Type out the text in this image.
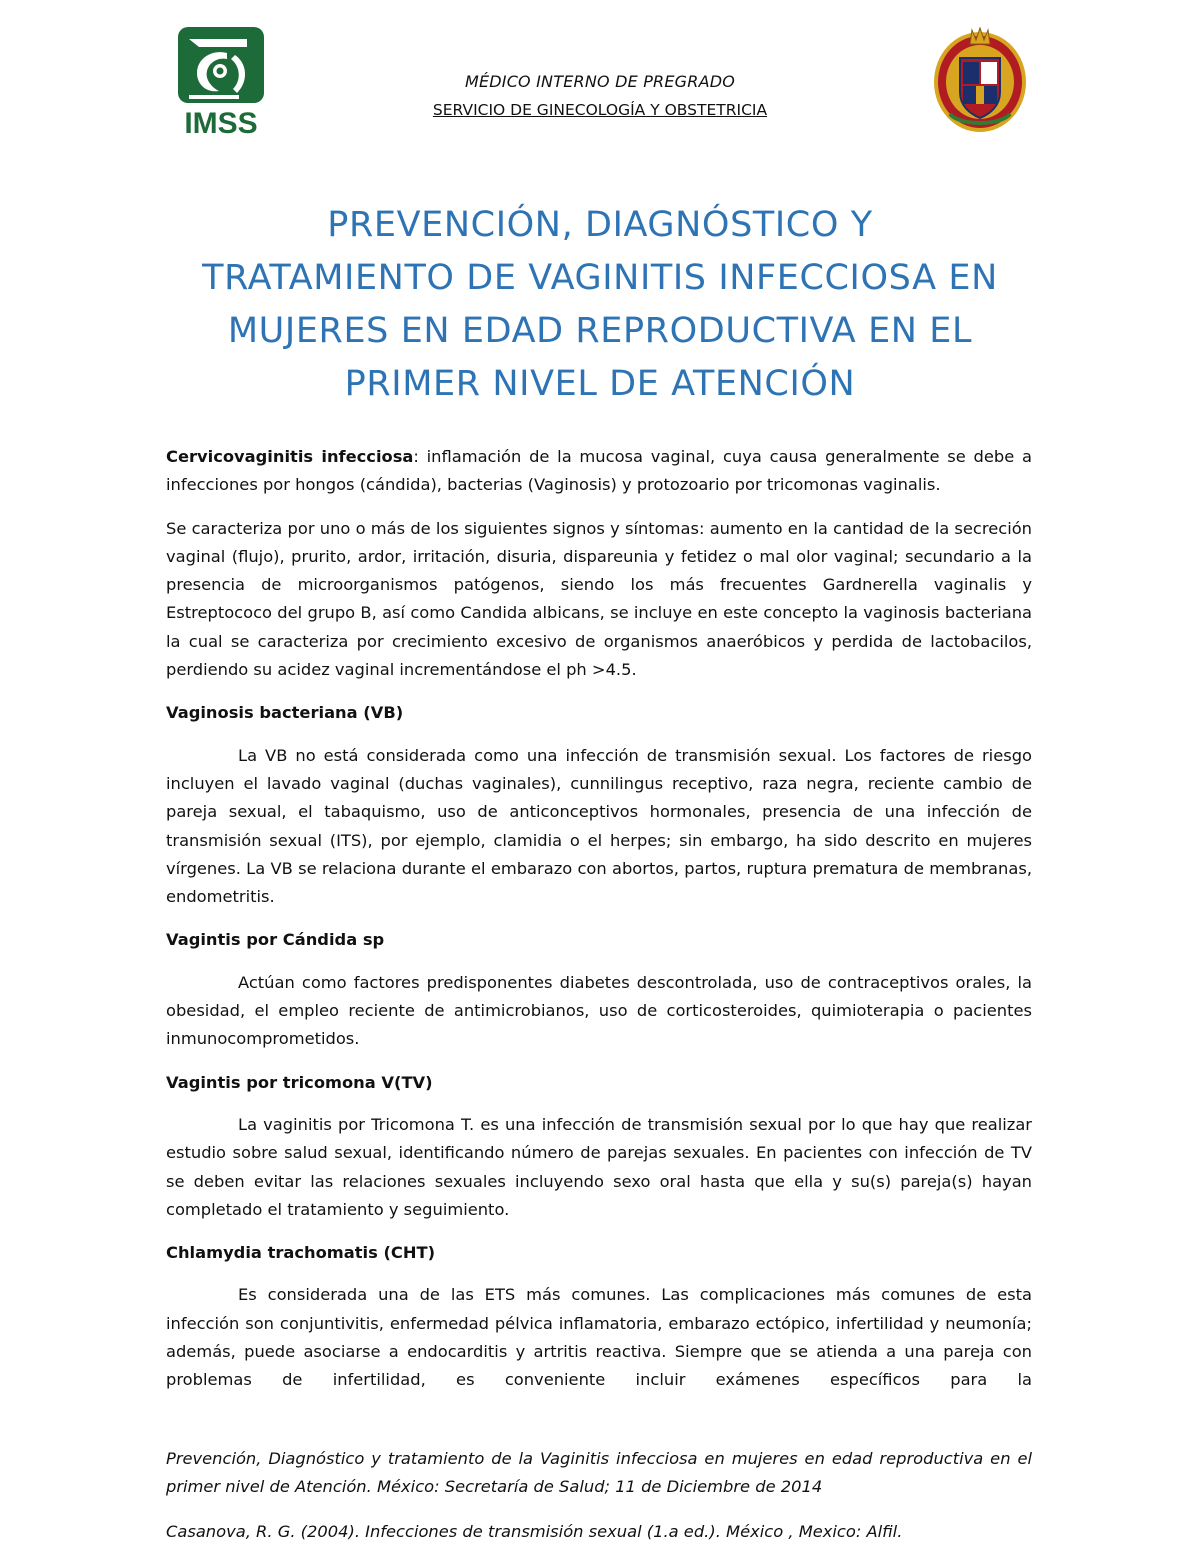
IMSS
MÉDICO INTERNO DE PREGRADO
SERVICIO DE GINECOLOGÍA Y OBSTETRICIA
PREVENCIÓN, DIAGNÓSTICO Y
TRATAMIENTO DE VAGINITIS INFECCIOSA EN
MUJERES EN EDAD REPRODUCTIVA EN EL
PRIMER NIVEL DE ATENCIÓN

Cervicovaginitis infecciosa: inflamación de la mucosa vaginal, cuya causa generalmente se debe a infecciones por hongos (cándida), bacterias (Vaginosis) y protozoario por tricomonas vaginalis.

Se caracteriza por uno o más de los siguientes signos y síntomas: aumento en la cantidad de la secreción vaginal (flujo), prurito, ardor, irritación, disuria, dispareunia y fetidez o mal olor vaginal; secundario a la presencia de microorganismos patógenos, siendo los más frecuentes Gardnerella vaginalis y Estreptococo del grupo B, así como Candida albicans, se incluye en este concepto la vaginosis bacteriana la cual se caracteriza por crecimiento excesivo de organismos anaeróbicos y perdida de lactobacilos, perdiendo su acidez vaginal incrementándose el ph >4.5.

Vaginosis bacteriana (VB)

La VB no está considerada como una infección de transmisión sexual. Los factores de riesgo incluyen el lavado vaginal (duchas vaginales), cunnilingus receptivo, raza negra, reciente cambio de pareja sexual, el tabaquismo, uso de anticonceptivos hormonales, presencia de una infección de transmisión sexual (ITS), por ejemplo, clamidia o el herpes; sin embargo, ha sido descrito en mujeres vírgenes. La VB se relaciona durante el embarazo con abortos, partos, ruptura prematura de membranas, endometritis.

Vagintis por Cándida sp

Actúan como factores predisponentes diabetes descontrolada, uso de contraceptivos orales, la obesidad, el empleo reciente de antimicrobianos, uso de corticosteroides, quimioterapia o pacientes inmunocomprometidos.

Vagintis por tricomona V(TV)

La vaginitis por Tricomona T. es una infección de transmisión sexual por lo que hay que realizar estudio sobre salud sexual, identificando número de parejas sexuales. En pacientes con infección de TV se deben evitar las relaciones sexuales incluyendo sexo oral hasta que ella y su(s) pareja(s) hayan completado el tratamiento y seguimiento.

Chlamydia trachomatis (CHT)

Es considerada una de las ETS más comunes. Las complicaciones más comunes de esta infección son conjuntivitis, enfermedad pélvica inflamatoria, embarazo ectópico, infertilidad y neumonía; además, puede asociarse a endocarditis y artritis reactiva. Siempre que se atienda a una pareja con problemas de infertilidad, es conveniente incluir exámenes específicos para la

Prevención, Diagnóstico y tratamiento de la Vaginitis infecciosa en mujeres en edad reproductiva en el primer nivel de Atención. México: Secretaría de Salud; 11 de Diciembre de 2014

Casanova, R. G. (2004). Infecciones de transmisión sexual (1.a ed.). México , Mexico: Alfil.
